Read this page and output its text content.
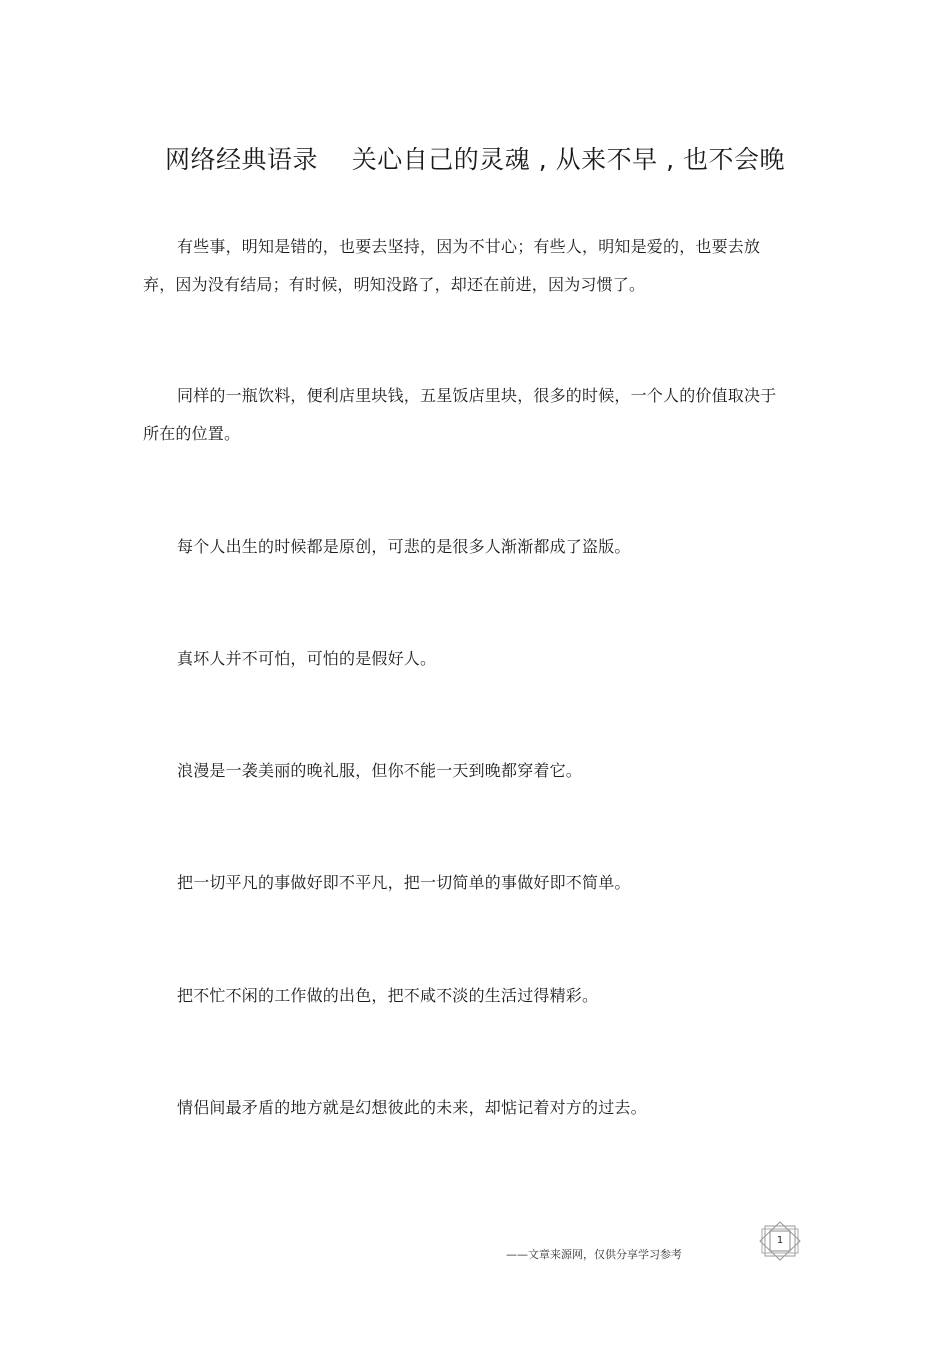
网络经典语录    关心自己的灵魂 , 从来不早 , 也不会晚

有些事，明知是错的，也要去坚持，因为不甘心；有些人，明知是爱的，也要去放弃，因为没有结局；有时候，明知没路了，却还在前进，因为习惯了。

同样的一瓶饮料，便利店里块钱，五星饭店里块，很多的时候，一个人的价值取决于所在的位置。

每个人出生的时候都是原创，可悲的是很多人渐渐都成了盗版。

真坏人并不可怕，可怕的是假好人。

浪漫是一袭美丽的晚礼服，但你不能一天到晚都穿着它。

把一切平凡的事做好即不平凡，把一切简单的事做好即不简单。

把不忙不闲的工作做的出色，把不咸不淡的生活过得精彩。

情侣间最矛盾的地方就是幻想彼此的未来，却惦记着对方的过去。

——文章来源网，仅供分享学习参考
1
